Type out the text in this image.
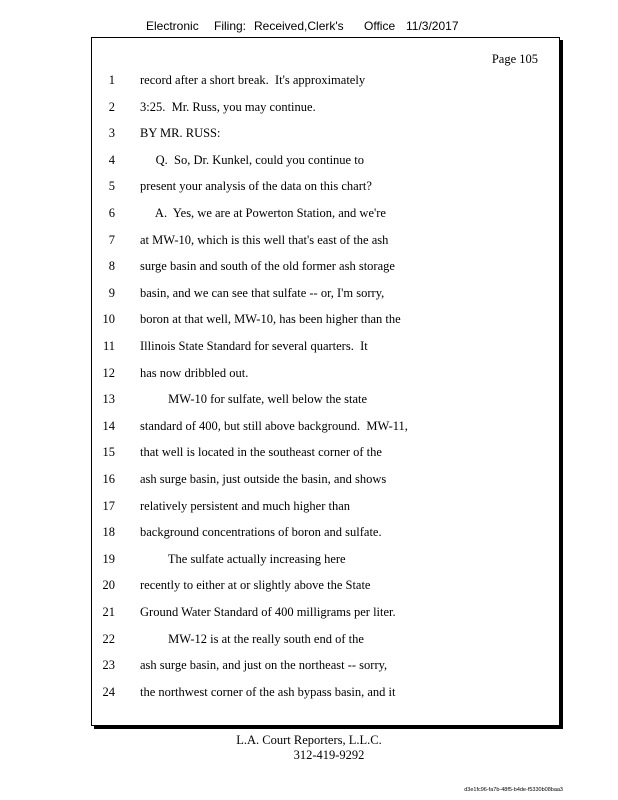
Electronic Filing: Received,Clerk's Office 11/3/2017
Page 105
1 record after a short break.  It's approximately
2 3:25.  Mr. Russ, you may continue.
3 BY MR. RUSS:
4 Q.  So, Dr. Kunkel, could you continue to
5 present your analysis of the data on this chart?
6 A.  Yes, we are at Powerton Station, and we're
7 at MW-10, which is this well that's east of the ash
8 surge basin and south of the old former ash storage
9 basin, and we can see that sulfate -- or, I'm sorry,
10 boron at that well, MW-10, has been higher than the
11 Illinois State Standard for several quarters.  It
12 has now dribbled out.
13 MW-10 for sulfate, well below the state
14 standard of 400, but still above background.  MW-11,
15 that well is located in the southeast corner of the
16 ash surge basin, just outside the basin, and shows
17 relatively persistent and much higher than
18 background concentrations of boron and sulfate.
19 The sulfate actually increasing here
20 recently to either at or slightly above the State
21 Ground Water Standard of 400 milligrams per liter.
22 MW-12 is at the really south end of the
23 ash surge basin, and just on the northeast -- sorry,
24 the northwest corner of the ash bypass basin, and it
L.A. Court Reporters, L.L.C.
312-419-9292
d3e1fc96-fa7b-48f5-b4de-f5330b08baa3
